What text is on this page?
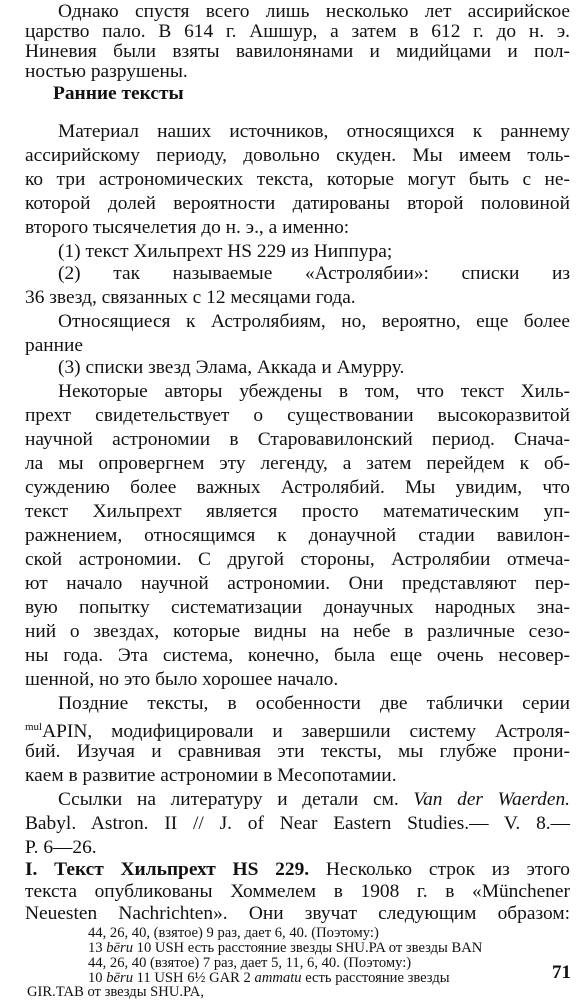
Однако спустя всего лишь несколько лет ассирийское
царство пало. В 614 г. Ашшур, а затем в 612 г. до н. э.
Ниневия были взяты вавилонянами и мидийцами и пол-
ностью разрушены.
Ранние тексты
Материал наших источников, относящихся к раннему
ассирийскому периоду, довольно скуден. Мы имеем толь-
ко три астрономических текста, которые могут быть с не-
которой долей вероятности датированы второй половиной
второго тысячелетия до н. э., а именно:
(1) текст Хильпрехт HS 229 из Ниппура;
(2) так называемые «Астролябии»: списки из
36 звезд, связанных с 12 месяцами года.
Относящиеся к Астролябиям, но, вероятно, еще более
ранние
(3) списки звезд Элама, Аккада и Амурру.
Некоторые авторы убеждены в том, что текст Хиль-
прехт свидетельствует о существовании высокоразвитой
научной астрономии в Старовавилонский период. Снача-
ла мы опровергнем эту легенду, а затем перейдем к об-
суждению более важных Астролябий. Мы увидим, что
текст Хильпрехт является просто математическим уп-
ражнением, относящимся к донаучной стадии вавилон-
ской астрономии. С другой стороны, Астролябии отмеча-
ют начало научной астрономии. Они представляют пер-
вую попытку систематизации донаучных народных зна-
ний о звездах, которые видны на небе в различные сезо-
ны года. Эта система, конечно, была еще очень несовер-
шенной, но это было хорошее начало.
Поздние тексты, в особенности две таблички серии
$^{mul}$APIN, модифицировали и завершили систему Астроля-
бий. Изучая и сравнивая эти тексты, мы глубже прони-
каем в развитие астрономии в Месопотамии.
Ссылки на литературу и детали см. Van der Waerden.
Babyl. Astron. II // J. of Near Eastern Studies.— V. 8.—
P. 6—26.
I. Текст Хильпрехт HS 229. Несколько строк из этого
текста опубликованы Хоммелем в 1908 г. в «Münchener
Neuesten Nachrichten». Они звучат следующим образом:
71
44, 26, 40, (взятое) 9 раз, дает 6, 40. (Поэтому:)
13 bēru 10 USH есть расстояние звезды SHU.PA от звезды BAN
44, 26, 40 (взятое) 7 раз, дает 5, 11, 6, 40. (Поэтому:)
10 bēru 11 USH 6½ GAR 2 ammatu есть расстояние звезды
GIR.TAB от звезды SHU.PA,
